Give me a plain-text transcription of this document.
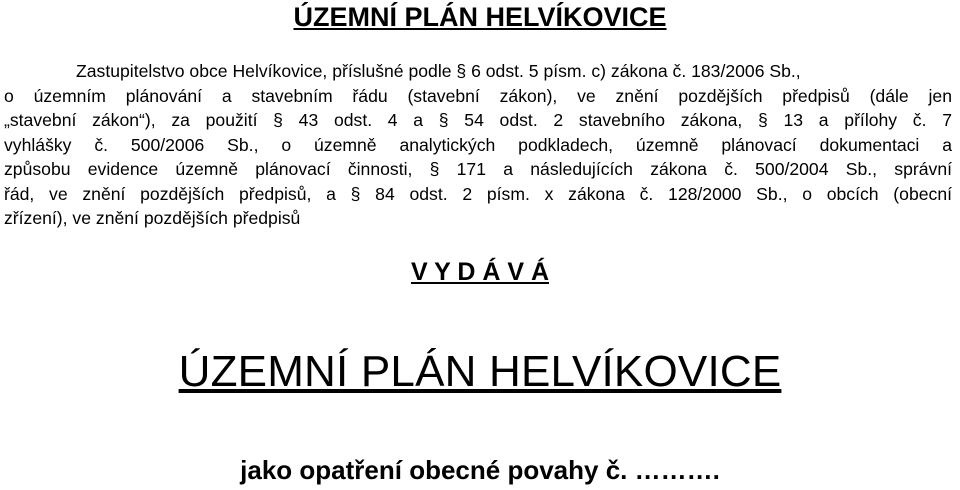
ÚZEMNÍ PLÁN HELVÍKOVICE
Zastupitelstvo obce Helvíkovice, příslušné podle § 6 odst. 5 písm. c) zákona č. 183/2006 Sb.,
o územním plánování a stavebním řádu (stavební zákon), ve znění pozdějších předpisů (dále jen
„stavební zákon“), za použití § 43 odst. 4 a § 54 odst. 2 stavebního zákona, § 13 a přílohy č. 7
vyhlášky č. 500/2006 Sb., o územně analytických podkladech, územně plánovací dokumentaci a
způsobu evidence územně plánovací činnosti, § 171 a následujících zákona č. 500/2004 Sb., správní
řád, ve znění pozdějších předpisů, a § 84 odst. 2 písm. x zákona č. 128/2000 Sb., o obcích (obecní
zřízení), ve znění pozdějších předpisů
V Y D Á V Á
ÚZEMNÍ PLÁN HELVÍKOVICE
jako opatření obecné povahy č. ……….
